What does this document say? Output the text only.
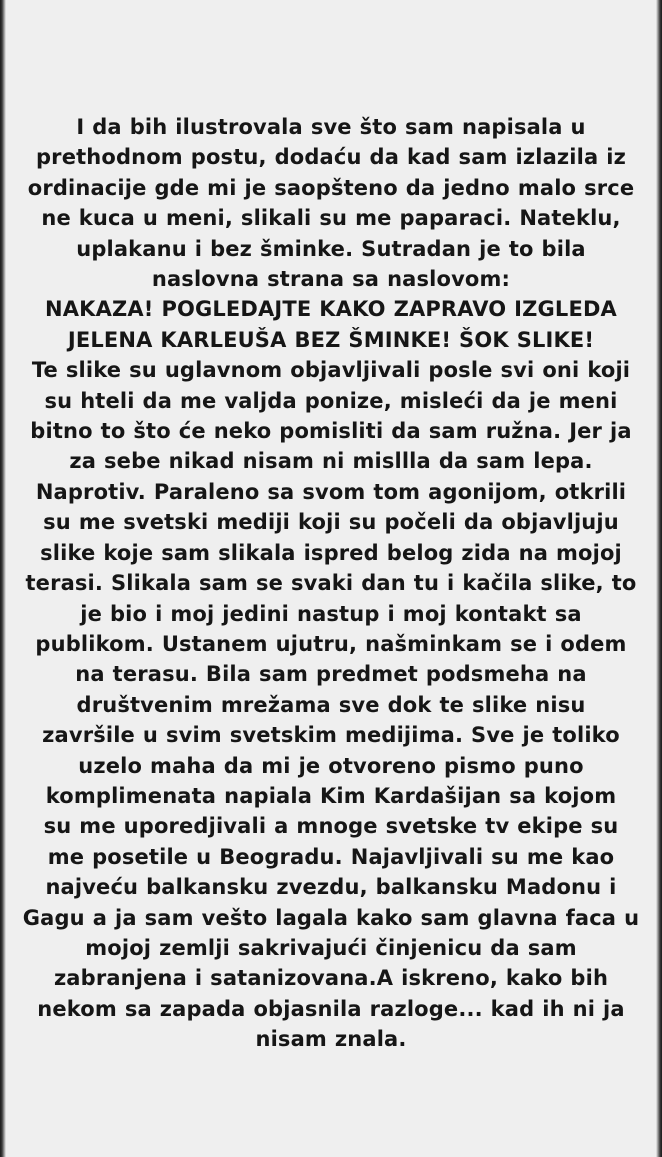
I da bih ilustrovala sve što sam napisala u
prethodnom postu, dodaću da kad sam izlazila iz
ordinacije gde mi je saopšteno da jedno malo srce
ne kuca u meni, slikali su me paparaci. Nateklu,
uplakanu i bez šminke. Sutradan je to bila
naslovna strana sa naslovom:
NAKAZA! POGLEDAJTE KAKO ZAPRAVO IZGLEDA
JELENA KARLEUŠA BEZ ŠMINKE! ŠOK SLIKE!
Te slike su uglavnom objavljivali posle svi oni koji
su hteli da me valjda ponize, misleći da je meni
bitno to što će neko pomisliti da sam ružna. Jer ja
za sebe nikad nisam ni misllla da sam lepa.
Naprotiv. Paraleno sa svom tom agonijom, otkrili
su me svetski mediji koji su počeli da objavljuju
slike koje sam slikala ispred belog zida na mojoj
terasi. Slikala sam se svaki dan tu i kačila slike, to
je bio i moj jedini nastup i moj kontakt sa
publikom. Ustanem ujutru, našminkam se i odem
na terasu. Bila sam predmet podsmeha na
društvenim mrežama sve dok te slike nisu
završile u svim svetskim medijima. Sve je toliko
uzelo maha da mi je otvoreno pismo puno
komplimenata napiala Kim Kardašijan sa kojom
su me uporedjivali a mnoge svetske tv ekipe su
me posetile u Beogradu. Najavljivali su me kao
najveću balkansku zvezdu, balkansku Madonu i
Gagu a ja sam vešto lagala kako sam glavna faca u
mojoj zemlji sakrivajući činjenicu da sam
zabranjena i satanizovana.A iskreno, kako bih
nekom sa zapada objasnila razloge... kad ih ni ja
nisam znala.
